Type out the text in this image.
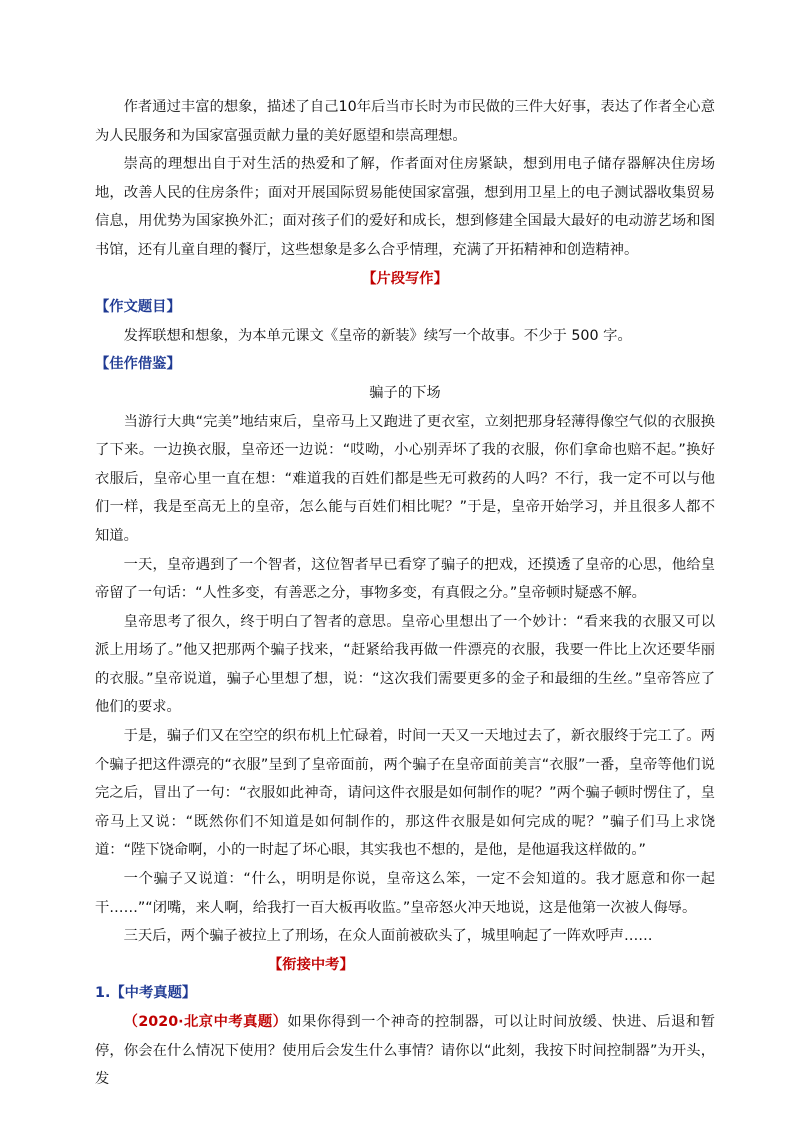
作者通过丰富的想象，描述了自己10年后当市长时为市民做的三件大好事，表达了作者全心意为人民服务和为国家富强贡献力量的美好愿望和崇高理想。

崇高的理想出自于对生活的热爱和了解，作者面对住房紧缺，想到用电子储存器解决住房场地，改善人民的住房条件；面对开展国际贸易能使国家富强，想到用卫星上的电子测试器收集贸易信息，用优势为国家换外汇；面对孩子们的爱好和成长，想到修建全国最大最好的电动游艺场和图书馆，还有儿童自理的餐厅，这些想象是多么合乎情理，充满了开拓精神和创造精神。

【片段写作】

【作文题目】

发挥联想和想象，为本单元课文《皇帝的新装》续写一个故事。不少于 500 字。

【佳作借鉴】

骗子的下场

当游行大典“完美”地结束后，皇帝马上又跑进了更衣室，立刻把那身轻薄得像空气似的衣服换了下来。一边换衣服，皇帝还一边说：“哎呦，小心别弄坏了我的衣服，你们拿命也赔不起。”换好衣服后，皇帝心里一直在想：“难道我的百姓们都是些无可救药的人吗？不行，我一定不可以与他们一样，我是至高无上的皇帝，怎么能与百姓们相比呢？”于是，皇帝开始学习，并且很多人都不知道。

一天，皇帝遇到了一个智者，这位智者早已看穿了骗子的把戏，还摸透了皇帝的心思，他给皇帝留了一句话：“人性多变，有善恶之分，事物多变，有真假之分。”皇帝顿时疑惑不解。

皇帝思考了很久，终于明白了智者的意思。皇帝心里想出了一个妙计：“看来我的衣服又可以派上用场了。”他又把那两个骗子找来，“赶紧给我再做一件漂亮的衣服，我要一件比上次还要华丽的衣服。”皇帝说道，骗子心里想了想，说：“这次我们需要更多的金子和最细的生丝。”皇帝答应了他们的要求。

于是，骗子们又在空空的织布机上忙碌着，时间一天又一天地过去了，新衣服终于完工了。两个骗子把这件漂亮的“衣服”呈到了皇帝面前，两个骗子在皇帝面前美言“衣服”一番，皇帝等他们说完之后，冒出了一句：“衣服如此神奇，请问这件衣服是如何制作的呢？”两个骗子顿时愣住了，皇帝马上又说：“既然你们不知道是如何制作的，那这件衣服是如何完成的呢？”骗子们马上求饶道：“陛下饶命啊，小的一时起了坏心眼，其实我也不想的，是他，是他逼我这样做的。”

一个骗子又说道：“什么，明明是你说，皇帝这么笨，一定不会知道的。我才愿意和你一起干……”“闭嘴，来人啊，给我打一百大板再收监。”皇帝怒火冲天地说，这是他第一次被人侮辱。

三天后，两个骗子被拉上了刑场，在众人面前被砍头了，城里响起了一阵欢呼声……

【衔接中考】

1.【中考真题】

（2020·北京中考真题）如果你得到一个神奇的控制器，可以让时间放缓、快进、后退和暂停，你会在什么情况下使用？使用后会发生什么事情？请你以“此刻，我按下时间控制器”为开头，发
